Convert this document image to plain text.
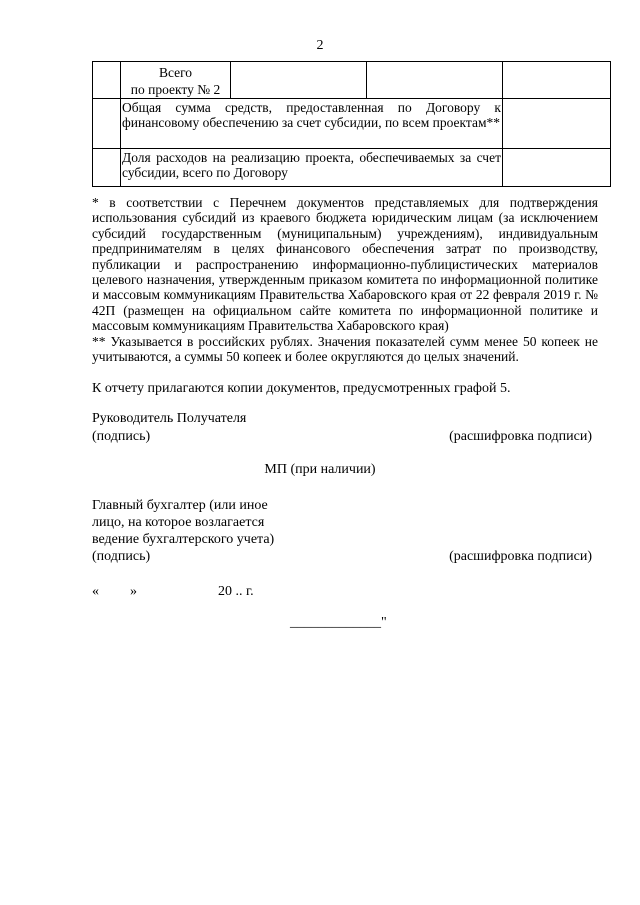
2

	Всего
по проекту № 2			

	Общая сумма средств, предоставленная по Договору к финансовому обеспечению за счет субсидии, по всем проектам**			
	Доля расходов на реализацию проекта, обеспечиваемых за счет субсидии, всего по Договору			

* в соответствии с Перечнем документов представляемых для подтверждения использования субсидий из краевого бюджета юридическим лицам (за исключением субсидий государственным (муниципальным) учреждениям), индивидуальным предпринимателям в целях финансового обеспечения затрат по производству, публикации и распространению информационно-публицистических материалов целевого назначения, утвержденным приказом комитета по информационной политике и массовым коммуникациям Правительства Хабаровского края от 22 февраля 2019 г. № 42П (размещен на официальном сайте комитета по информационной политике и массовым коммуникациям Правительства Хабаровского края)

** Указывается в российских рублях. Значения показателей сумм менее 50 копеек не учитываются, а суммы 50 копеек и более округляются до целых значений.

К отчету прилагаются копии документов, предусмотренных графой 5.
Руководитель Получателя
(подпись)	(расшифровка подписи)
МП (при наличии)
Главный бухгалтер (или иное
лицо, на которое возлагается
ведение бухгалтерского учета)
(подпись)	(расшифровка подписи)
« »	20 .. г.
_____________"
